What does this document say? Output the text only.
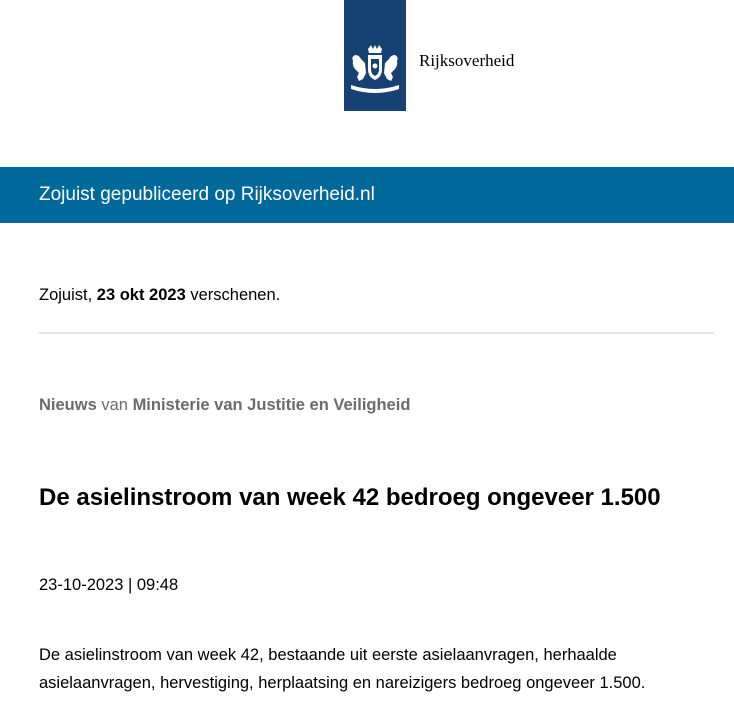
Rijksoverheid
Zojuist gepubliceerd op Rijksoverheid.nl
Zojuist, 23 okt 2023 verschenen.
Nieuws van Ministerie van Justitie en Veiligheid
De asielinstroom van week 42 bedroeg ongeveer 1.500
23-10-2023 | 09:48
De asielinstroom van week 42, bestaande uit eerste asielaanvragen, herhaalde asielaanvragen, hervestiging, herplaatsing en nareizigers bedroeg ongeveer 1.500.
